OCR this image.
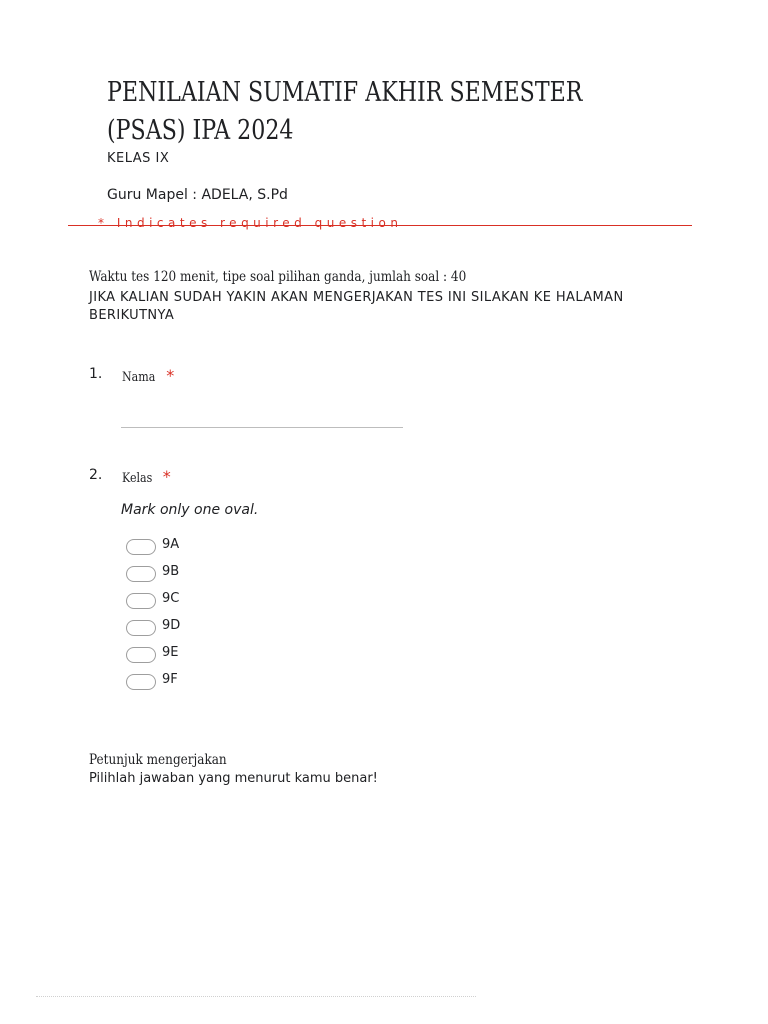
PENILAIAN SUMATIF AKHIR SEMESTER (PSAS) IPA 2024
KELAS IX
Guru Mapel : ADELA, S.Pd
* Indicates required question
Waktu tes 120 menit, tipe soal pilihan ganda, jumlah soal : 40
JIKA KALIAN SUDAH YAKIN AKAN MENGERJAKAN TES INI SILAKAN KE HALAMAN BERIKUTNYA
1. Nama *
2. Kelas *
Mark only one oval.
9A
9B
9C
9D
9E
9F
Petunjuk mengerjakan
Pilihlah jawaban yang menurut kamu benar!
